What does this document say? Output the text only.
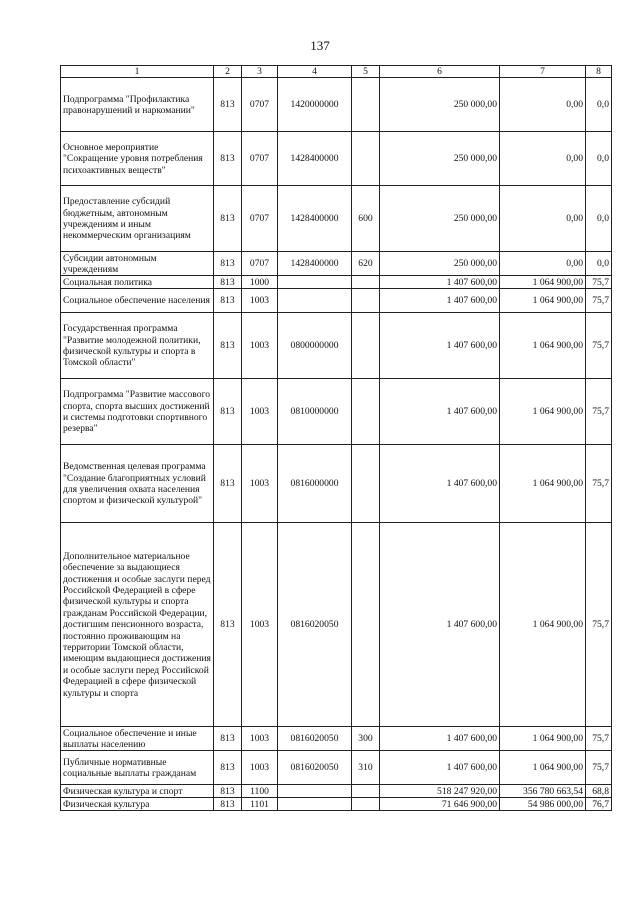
137
1	2	3	4	5	6	7	8
Подпрограмма "Профилактика правонарушений и наркомании"	813	0707	1420000000		250 000,00	0,00	0,0
Основное мероприятие "Сокращение уровня потребления психоактивных веществ"	813	0707	1428400000		250 000,00	0,00	0,0
Предоставление субсидий бюджетным, автономным учреждениям и иным некоммерческим организациям	813	0707	1428400000	600	250 000,00	0,00	0,0
Субсидии автономным учреждениям	813	0707	1428400000	620	250 000,00	0,00	0,0
Социальная политика	813	1000			1 407 600,00	1 064 900,00	75,7
Социальное обеспечение населения	813	1003			1 407 600,00	1 064 900,00	75,7
Государственная программа "Развитие молодежной политики, физической культуры и спорта в Томской области"	813	1003	0800000000		1 407 600,00	1 064 900,00	75,7
Подпрограмма "Развитие массового спорта, спорта высших достижений и системы подготовки спортивного резерва"	813	1003	0810000000		1 407 600,00	1 064 900,00	75,7
Ведомственная целевая программа "Создание благоприятных условий для увеличения охвата населения спортом и физической культурой"	813	1003	0816000000		1 407 600,00	1 064 900,00	75,7
Дополнительное материальное обеспечение за выдающиеся достижения и особые заслуги перед Российской Федерацией в сфере физической культуры и спорта гражданам Российской Федерации, достигшим пенсионного возраста, постоянно проживающим на территории Томской области, имеющим выдающиеся достижения и особые заслуги перед Российской Федерацией в сфере физической культуры и спорта	813	1003	0816020050		1 407 600,00	1 064 900,00	75,7
Социальное обеспечение и иные выплаты населению	813	1003	0816020050	300	1 407 600,00	1 064 900,00	75,7
Публичные нормативные социальные выплаты гражданам	813	1003	0816020050	310	1 407 600,00	1 064 900,00	75,7
Физическая культура и спорт	813	1100			518 247 920,00	356 780 663,54	68,8
Физическая культура	813	1101			71 646 900,00	54 986 000,00	76,7
